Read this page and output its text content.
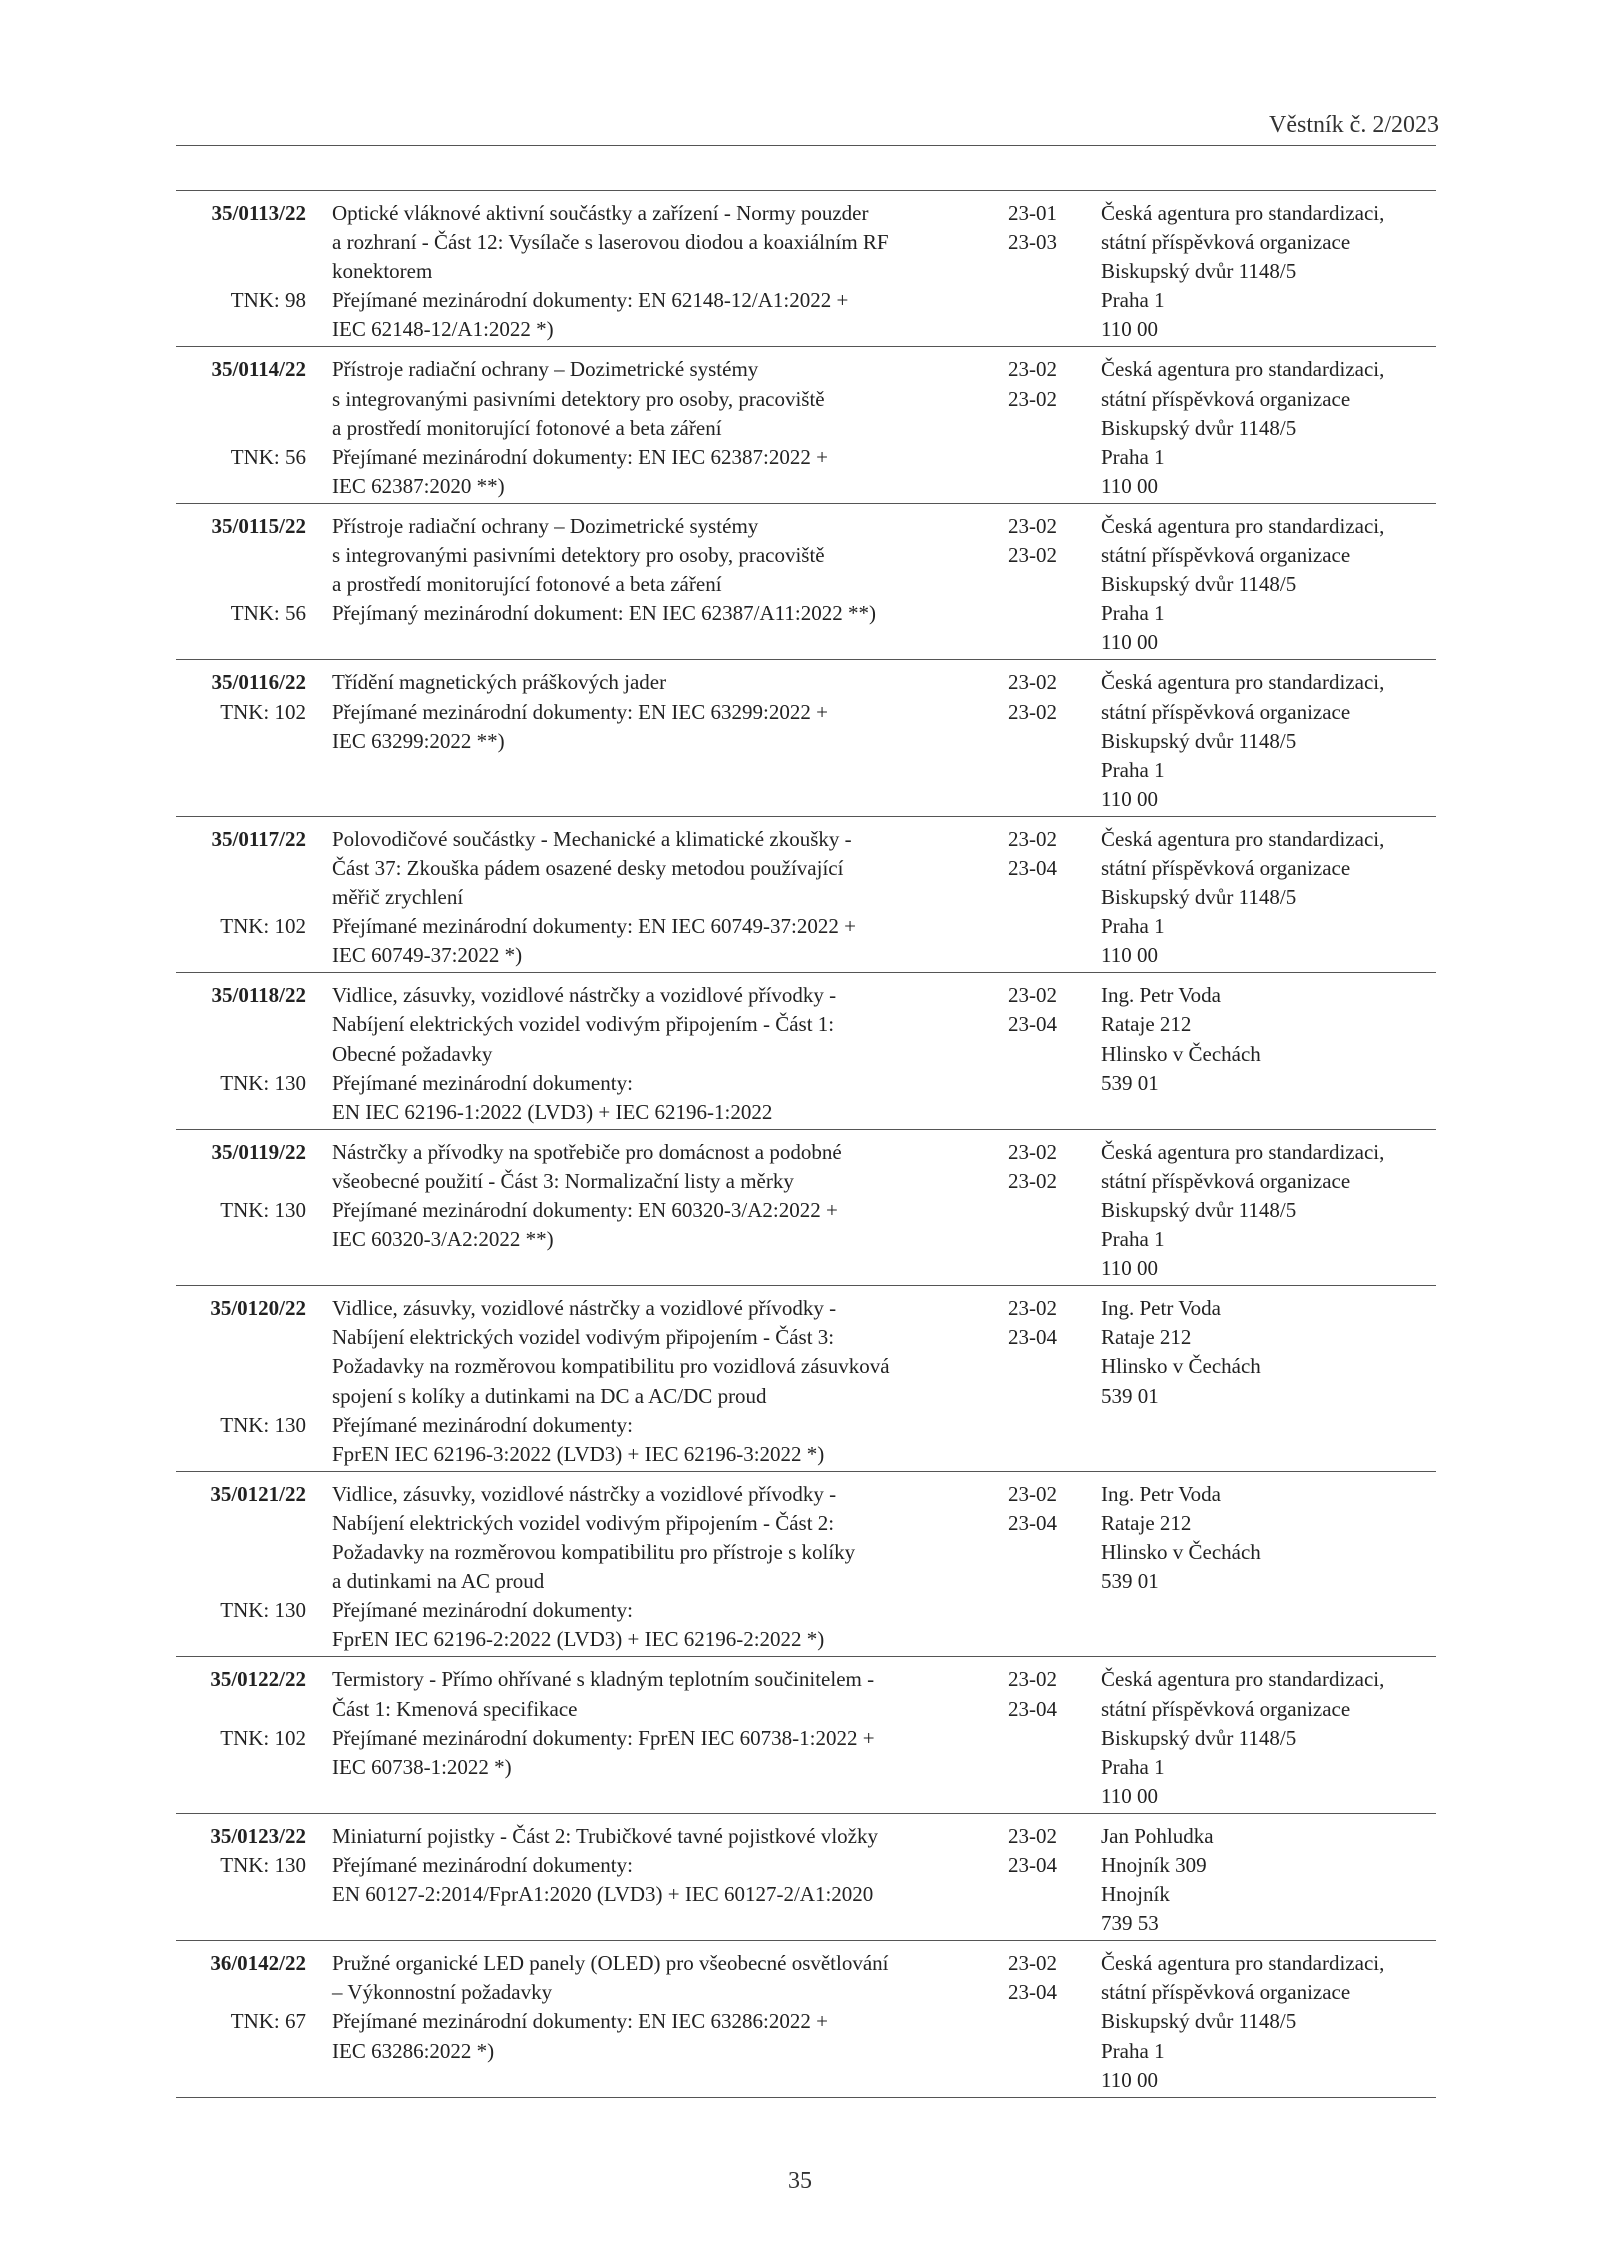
Věstník č. 2/2023
35/0113/22

TNK: 98
Optické vláknové aktivní součástky a zařízení - Normy pouzder
a rozhraní - Část 12: Vysílače s laserovou diodou a koaxiálním RF
konektorem
Přejímané mezinárodní dokumenty: EN 62148-12/A1:2022 +
IEC 62148-12/A1:2022 *)
23-01
23-03
Česká agentura pro standardizaci,
státní příspěvková organizace
Biskupský dvůr 1148/5
Praha 1
110 00
35/0114/22

TNK: 56
Přístroje radiační ochrany – Dozimetrické systémy
s integrovanými pasivními detektory pro osoby, pracoviště
a prostředí monitorující fotonové a beta záření
Přejímané mezinárodní dokumenty: EN IEC 62387:2022 +
IEC 62387:2020 **)
23-02
23-02
Česká agentura pro standardizaci,
státní příspěvková organizace
Biskupský dvůr 1148/5
Praha 1
110 00
35/0115/22

TNK: 56
Přístroje radiační ochrany – Dozimetrické systémy
s integrovanými pasivními detektory pro osoby, pracoviště
a prostředí monitorující fotonové a beta záření
Přejímaný mezinárodní dokument: EN IEC 62387/A11:2022 **)
23-02
23-02
Česká agentura pro standardizaci,
státní příspěvková organizace
Biskupský dvůr 1148/5
Praha 1
110 00
35/0116/22
TNK: 102
Třídění magnetických práškových jader
Přejímané mezinárodní dokumenty: EN IEC 63299:2022 +
IEC 63299:2022 **)
23-02
23-02
Česká agentura pro standardizaci,
státní příspěvková organizace
Biskupský dvůr 1148/5
Praha 1
110 00
35/0117/22

TNK: 102
Polovodičové součástky - Mechanické a klimatické zkoušky -
Část 37: Zkouška pádem osazené desky metodou používající
měřič zrychlení
Přejímané mezinárodní dokumenty: EN IEC 60749-37:2022 +
IEC 60749-37:2022 *)
23-02
23-04
Česká agentura pro standardizaci,
státní příspěvková organizace
Biskupský dvůr 1148/5
Praha 1
110 00
35/0118/22

TNK: 130
Vidlice, zásuvky, vozidlové nástrčky a vozidlové přívodky -
Nabíjení elektrických vozidel vodivým připojením - Část 1:
Obecné požadavky
Přejímané mezinárodní dokumenty:
EN IEC 62196-1:2022 (LVD3) + IEC 62196-1:2022
23-02
23-04
Ing. Petr Voda
Rataje 212
Hlinsko v Čechách
539 01
35/0119/22

TNK: 130
Nástrčky a přívodky na spotřebiče pro domácnost a podobné
všeobecné použití - Část 3: Normalizační listy a měrky
Přejímané mezinárodní dokumenty: EN 60320-3/A2:2022 +
IEC 60320-3/A2:2022 **)
23-02
23-02
Česká agentura pro standardizaci,
státní příspěvková organizace
Biskupský dvůr 1148/5
Praha 1
110 00
35/0120/22

TNK: 130
Vidlice, zásuvky, vozidlové nástrčky a vozidlové přívodky -
Nabíjení elektrických vozidel vodivým připojením - Část 3:
Požadavky na rozměrovou kompatibilitu pro vozidlová zásuvková
spojení s kolíky a dutinkami na DC a AC/DC proud
Přejímané mezinárodní dokumenty:
FprEN IEC 62196-3:2022 (LVD3) + IEC 62196-3:2022 *)
23-02
23-04
Ing. Petr Voda
Rataje 212
Hlinsko v Čechách
539 01
35/0121/22

TNK: 130
Vidlice, zásuvky, vozidlové nástrčky a vozidlové přívodky -
Nabíjení elektrických vozidel vodivým připojením - Část 2:
Požadavky na rozměrovou kompatibilitu pro přístroje s kolíky
a dutinkami na AC proud
Přejímané mezinárodní dokumenty:
FprEN IEC 62196-2:2022 (LVD3) + IEC 62196-2:2022 *)
23-02
23-04
Ing. Petr Voda
Rataje 212
Hlinsko v Čechách
539 01
35/0122/22

TNK: 102
Termistory - Přímo ohřívané s kladným teplotním součinitelem -
Část 1: Kmenová specifikace
Přejímané mezinárodní dokumenty: FprEN IEC 60738-1:2022 +
IEC 60738-1:2022 *)
23-02
23-04
Česká agentura pro standardizaci,
státní příspěvková organizace
Biskupský dvůr 1148/5
Praha 1
110 00
35/0123/22
TNK: 130
Miniaturní pojistky - Část 2: Trubičkové tavné pojistkové vložky
Přejímané mezinárodní dokumenty:
EN 60127-2:2014/FprA1:2020 (LVD3) + IEC 60127-2/A1:2020
23-02
23-04
Jan Pohludka
Hnojník 309
Hnojník
739 53
36/0142/22

TNK: 67
Pružné organické LED panely (OLED) pro všeobecné osvětlování
– Výkonnostní požadavky
Přejímané mezinárodní dokumenty: EN IEC 63286:2022 +
IEC 63286:2022 *)
23-02
23-04
Česká agentura pro standardizaci,
státní příspěvková organizace
Biskupský dvůr 1148/5
Praha 1
110 00
35
